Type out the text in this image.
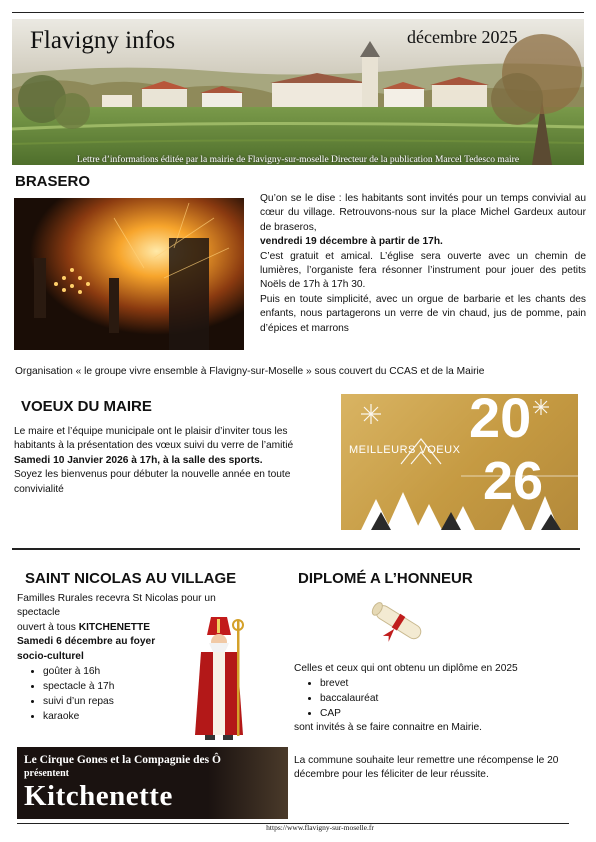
Flavigny infos	décembre 2025
Lettre d’informations éditée par la mairie de Flavigny-sur-moselle Directeur de la publication Marcel Tedesco maire
BRASERO

Qu’on se le dise : les habitants sont invités pour un temps convivial au cœur du village. Retrouvons-nous sur la place Michel Gardeux autour de braseros,

vendredi 19 décembre à partir de 17h.

C’est gratuit et amical. L’église sera ouverte avec un chemin de lumières, l’organiste fera résonner l’instrument pour jouer des petits Noëls de 17h à 17h 30.

Puis en toute simplicité, avec un orgue de barbarie et les chants des enfants, nous partagerons un verre de vin chaud, jus de pomme, pain d’épices et marrons

Organisation « le groupe vivre ensemble à Flavigny-sur-Moselle » sous couvert du CCAS et de la Mairie
VOEUX DU MAIRE

Le maire et l’équipe municipale ont le plaisir d’inviter tous les habitants à la présentation des vœux suivi du verre de l’amitié

Samedi 10 Janvier 2026 à 17h, à la salle des sports.

Soyez les bienvenus pour débuter la nouvelle année en toute convivialité

MEILLEURS VOEUX
20
26
SAINT NICOLAS AU VILLAGE

Familles Rurales recevra St Nicolas pour un spectacle

ouvert à tous KITCHENETTE

Samedi 6 décembre au foyer socio-culturel

• goûter à 16h
• spectacle à 17h
• suivi d’un repas
• karaoke
Le Cirque Gones et la Compagnie des Ô
présentent
Kitchenette
DIPLOMÉ A L’HONNEUR

Celles et ceux qui ont obtenu un diplôme en 2025

• brevet
• baccalauréat
• CAP

sont invités à se faire connaitre en Mairie.

La commune souhaite leur remettre une récompense le 20 décembre pour les féliciter de leur réussite.
https://www.flavigny-sur-moselle.fr
